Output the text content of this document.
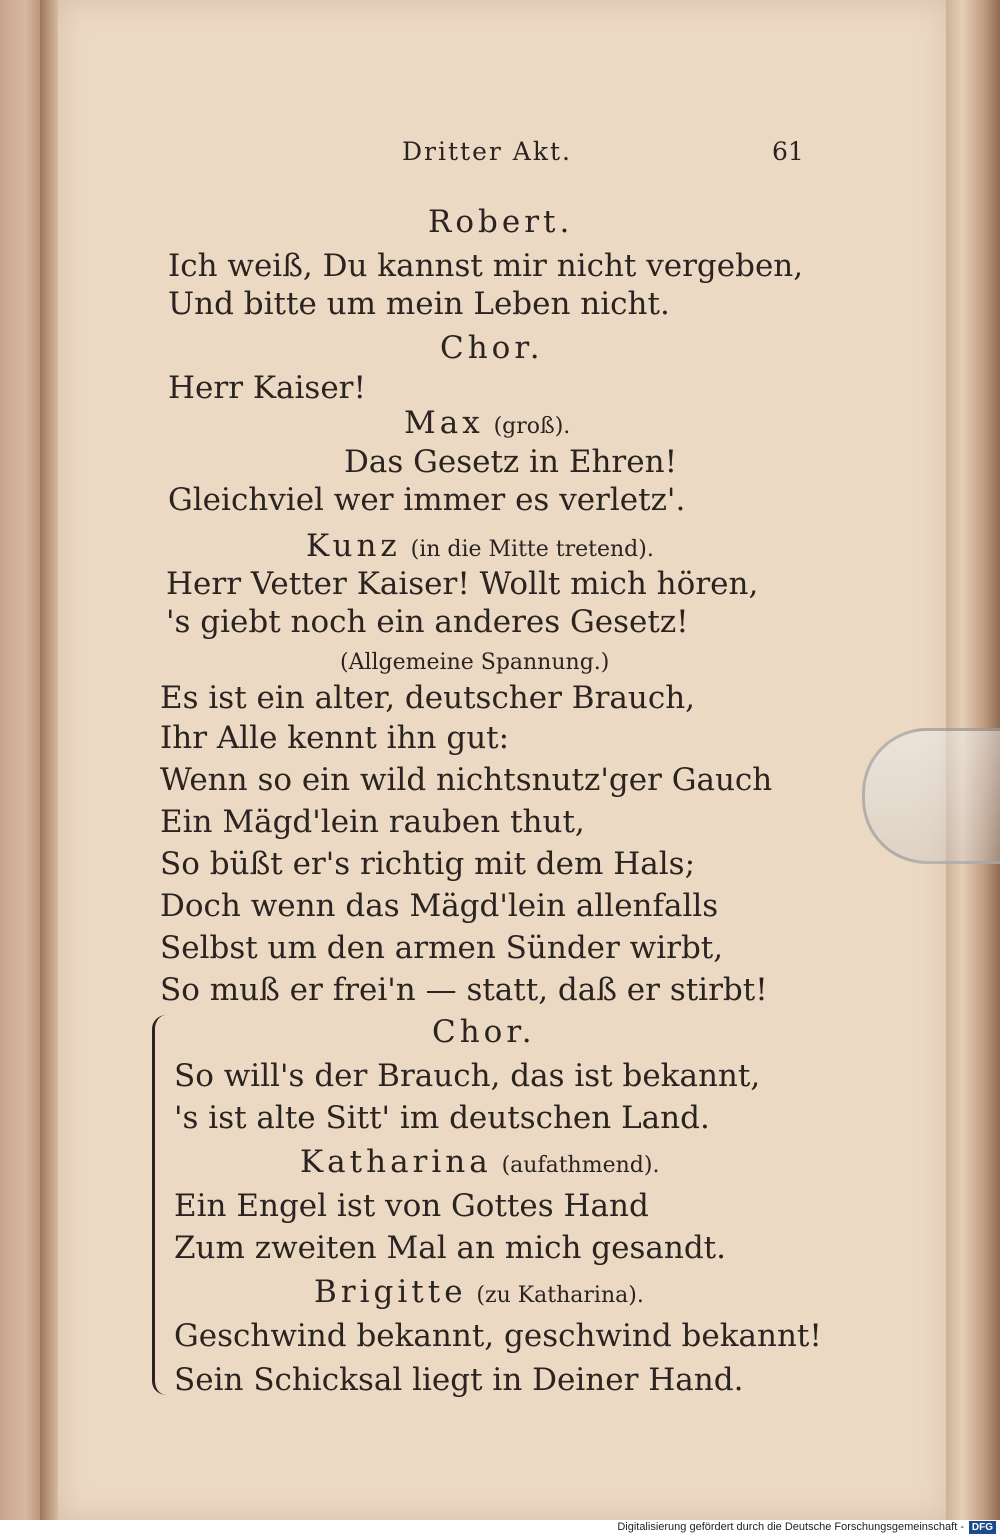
Dritter Akt.	61
Robert.
Ich weiß, Du kannst mir nicht vergeben,
Und bitte um mein Leben nicht.
Chor.
Herr Kaiser!
Max (groß).
Das Gesetz in Ehren!
Gleichviel wer immer es verletz'.
Kunz (in die Mitte tretend).
Herr Vetter Kaiser! Wollt mich hören,
's giebt noch ein anderes Gesetz!
(Allgemeine Spannung.)
Es ist ein alter, deutscher Brauch,
Ihr Alle kennt ihn gut:
Wenn so ein wild nichtsnutz'ger Gauch
Ein Mägd'lein rauben thut,
So büßt er's richtig mit dem Hals;
Doch wenn das Mägd'lein allenfalls
Selbst um den armen Sünder wirbt,
So muß er frei'n — statt, daß er stirbt!
Chor.
So will's der Brauch, das ist bekannt,
's ist alte Sitt' im deutschen Land.
Katharina (aufathmend).
Ein Engel ist von Gottes Hand
Zum zweiten Mal an mich gesandt.
Brigitte (zu Katharina).
Geschwind bekannt, geschwind bekannt!
Sein Schicksal liegt in Deiner Hand.
Digitalisierung gefördert durch die Deutsche Forschungsgemeinschaft - DFG
